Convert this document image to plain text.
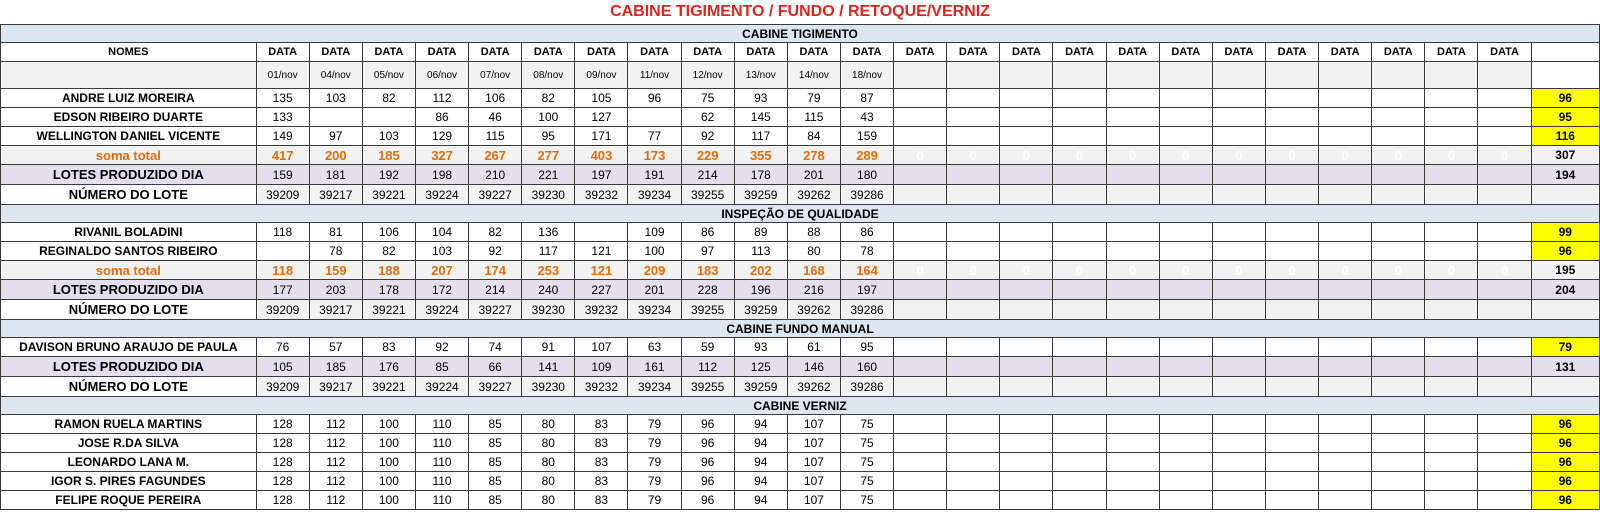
CABINE TIGIMENTO / FUNDO / RETOQUE/VERNIZ
CABINE TIGIMENTO																									
NOMES	DATA	DATA	DATA	DATA	DATA	DATA	DATA	DATA	DATA	DATA	DATA	DATA	DATA	DATA	DATA	DATA	DATA	DATA	DATA	DATA	DATA	DATA	DATA	DATA	
	01/nov	04/nov	05/nov	06/nov	07/nov	08/nov	09/nov	11/nov	12/nov	13/nov	14/nov	18/nov													
ANDRE LUIZ MOREIRA	135	103	82	112	106	82	105	96	75	93	79	87													96
EDSON RIBEIRO DUARTE	133			86	46	100	127		62	145	115	43													95
WELLINGTON DANIEL VICENTE	149	97	103	129	115	95	171	77	92	117	84	159													116
soma total	417	200	185	327	267	277	403	173	229	355	278	289	0	0	0	0	0	0	0	0	0	0	0	0	307
LOTES PRODUZIDO DIA	159	181	192	198	210	221	197	191	214	178	201	180													194
NÚMERO DO LOTE	39209	39217	39221	39224	39227	39230	39232	39234	39255	39259	39262	39286													
INSPEÇÃO DE QUALIDADE																									
RIVANIL BOLADINI	118	81	106	104	82	136		109	86	89	88	86													99
REGINALDO SANTOS RIBEIRO		78	82	103	92	117	121	100	97	113	80	78													96
soma total	118	159	188	207	174	253	121	209	183	202	168	164	0	0	0	0	0	0	0	0	0	0	0	0	195
LOTES PRODUZIDO DIA	177	203	178	172	214	240	227	201	228	196	216	197													204
NÚMERO DO LOTE	39209	39217	39221	39224	39227	39230	39232	39234	39255	39259	39262	39286													
CABINE FUNDO MANUAL																									
DAVISON BRUNO ARAUJO DE PAULA	76	57	83	92	74	91	107	63	59	93	61	95													79
LOTES PRODUZIDO DIA	105	185	176	85	66	141	109	161	112	125	146	160													131
NÚMERO DO LOTE	39209	39217	39221	39224	39227	39230	39232	39234	39255	39259	39262	39286													
CABINE VERNIZ																									
RAMON RUELA MARTINS	128	112	100	110	85	80	83	79	96	94	107	75													96
JOSE R.DA SILVA	128	112	100	110	85	80	83	79	96	94	107	75													96
LEONARDO LANA M.	128	112	100	110	85	80	83	79	96	94	107	75													96
IGOR S. PIRES FAGUNDES	128	112	100	110	85	80	83	79	96	94	107	75													96
FELIPE ROQUE PEREIRA	128	112	100	110	85	80	83	79	96	94	107	75													96
